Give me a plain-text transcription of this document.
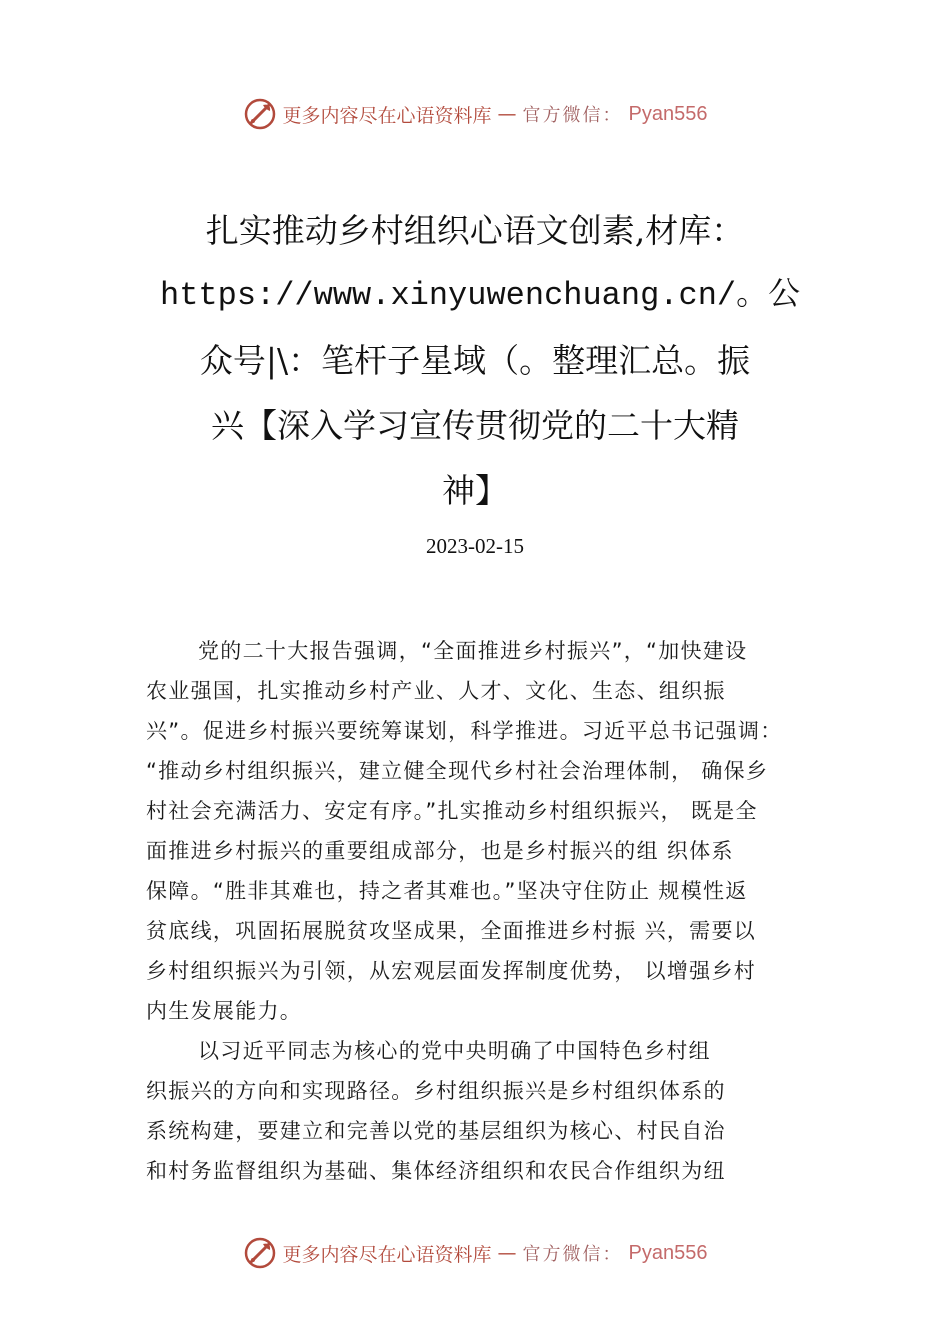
更多内容尽在心语资料库 — 官方微信： Pyan556
扎实推动乡村组织心语文创素,材库：
https://www.xinyuwenchuang.cn/。公
众号|\：笔杆子星域（。整理汇总。振
兴【深入学习宣传贯彻党的二十大精
神】
2023-02-15
党的二十大报告强调，“全面推进乡村振兴”，“加快建设
农业强国，扎实推动乡村产业、人才、文化、生态、组织振
兴”。促进乡村振兴要统筹谋划，科学推进。习近平总书记强调：
“推动乡村组织振兴，建立健全现代乡村社会治理体制， 确保乡
村社会充满活力、安定有序。”扎实推动乡村组织振兴， 既是全
面推进乡村振兴的重要组成部分，也是乡村振兴的组 织体系
保障。“胜非其难也，持之者其难也。”坚决守住防止 规模性返
贫底线，巩固拓展脱贫攻坚成果，全面推进乡村振 兴，需要以
乡村组织振兴为引领，从宏观层面发挥制度优势， 以增强乡村
内生发展能力。
以习近平同志为核心的党中央明确了中国特色乡村组
织振兴的方向和实现路径。乡村组织振兴是乡村组织体系的
系统构建，要建立和完善以党的基层组织为核心、村民自治
和村务监督组织为基础、集体经济组织和农民合作组织为纽
更多内容尽在心语资料库 — 官方微信： Pyan556
